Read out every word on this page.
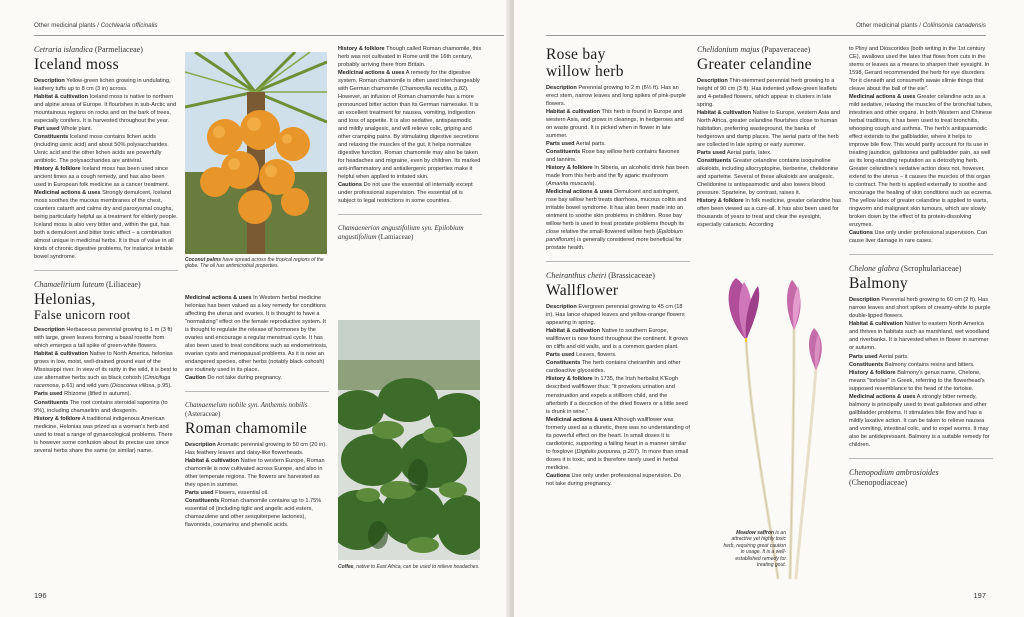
Other medicinal plants / Cochlearia officinalis

Cetraria islandica (Parmeliaceae)

Iceland moss

Description Yellow-green lichen growing in undulating, leathery tufts up to 8 cm (3 in) across.

Habitat & cultivation Iceland moss is native to northern and alpine areas of Europe. It flourishes in sub-Arctic and mountainous regions on rocks and on the bark of trees, especially conifers. It is harvested throughout the year.

Part used Whole plant.

Constituents Iceland moss contains lichen acids (including usnic acid) and about 50% polysaccharides. Usnic acid and the other lichen acids are powerfully antibiotic. The polysaccharides are antiviral.

History & folklore Iceland moss has been used since ancient times as a cough remedy, and has also been used in European folk medicine as a cancer treatment.

Medicinal actions & uses Strongly demulcent, Iceland moss soothes the mucous membranes of the chest, counters catarrh and calms dry and paroxysmal coughs, being particularly helpful as a treatment for elderly people. Iceland moss is also very bitter and, within the gut, has both a demulcent and bitter tonic effect – a combination almost unique in medicinal herbs. It is thus of value in all kinds of chronic digestive problems, for instance irritable bowel syndrome.

Chamaelirium luteum (Liliaceae)

Helonias,
False unicorn root

Description Herbaceous perennial growing to 1 m (3 ft) with large, green leaves forming a basal rosette from which emerges a tall spike of green-white flowers.

Habitat & cultivation Native to North America, helonias grows in low, moist, well-drained ground east of the Mississippi river. In view of its rarity in the wild, it is best to use alternative herbs such as black cohosh (Cimicifuga racemosa, p.61) and wild yam (Dioscorea villosa, p.95).

Parts used Rhizome (lifted in autumn).

Constituents The root contains steroidal saponins (to 9%), including chamaelirin and diosgenin.

History & folklore A traditional indigenous American medicine, Helonias was prized as a woman's herb and used to treat a range of gynaecological problems. There is however some confusion about its precise use since several herbs share the same (or similar) name.

Coconut palms have spread across the tropical regions of the globe. The oil has antimicrobial properties.

Medicinal actions & uses In Western herbal medicine helonias has been valued as a key remedy for conditions affecting the uterus and ovaries. It is thought to have a "normalizing" effect on the female reproductive system. It is thought to regulate the release of hormones by the ovaries and encourage a regular menstrual cycle. It has also been used to treat conditions such as endometriosis, ovarian cysts and menopausal problems. As it is now an endangered species, other herbs (notably black cohosh) are routinely used in its place.

Caution Do not take during pregnancy.

Chamaemelum nobile syn. Anthemis nobilis
(Asteraceae)

Roman chamomile

Description Aromatic perennial growing to 50 cm (20 in). Has feathery leaves and daisy-like flowerheads.

Habitat & cultivation Native to western Europe, Roman chamomile is now cultivated across Europe, and also in other temperate regions. The flowers are harvested as they open in summer.

Parts used Flowers, essential oil.

Constituents Roman chamomile contains up to 1.75% essential oil (including tiglic and angelic acid esters, chamazulene and other sesquiterpene lactones), flavonoids, coumarins and phenolic acids.

History & folklore Though called Roman chamomile, this herb was not cultivated in Rome until the 16th century, probably arriving there from Britain.

Medicinal actions & uses A remedy for the digestive system, Roman chamomile is often used interchangeably with German chamomile (Chamomilla recutita, p.82). However, an infusion of Roman chamomile has a more pronounced bitter action than its German namesake. It is an excellent treatment for nausea, vomiting, indigestion and loss of appetite. It is also sedative, antispasmodic and mildly analgesic, and will relieve colic, griping and other cramping pains. By stimulating digestive secretions and relaxing the muscles of the gut, it helps normalize digestive function. Roman chamomile may also be taken for headaches and migraine, even by children. Its marked anti-inflammatory and antiallergenic properties make it helpful when applied to irritated skin.

Cautions Do not use the essential oil internally except under professional supervision. The essential oil is subject to legal restrictions in some countries.

Chamaenerion angustifolium syn. Epilobium angustifolium (Lamiaceae)

Coffee, native to East Africa, can be used to relieve headaches.
196
Other medicinal plants / Collinsonia canadensis
Rose bay
willow herb

Description Perennial growing to 2 m (6½ ft). Has an erect stem, narrow leaves and long spikes of pink-purple flowers.

Habitat & cultivation This herb is found in Europe and western Asia, and grows in clearings, in hedgerows and on waste ground. It is picked when in flower in late summer.

Parts used Aerial parts.

Constituents Rose bay willow herb contains flavones and tannins.

History & folklore In Siberia, an alcoholic drink has been made from this herb and the fly agaric mushroom (Amanita muscaria).

Medicinal actions & uses Demulcent and astringent, rose bay willow herb treats diarrhoea, mucous colitis and irritable bowel syndrome. It has also been made into an ointment to soothe skin problems in children. Rose bay willow herb is used to treat prostate problems though its close relative the small-flowered willow herb (Epilobium parviflorum) is generally considered more beneficial for prostate health.

Cheiranthus cheiri (Brassicaceae)

Wallflower

Description Evergreen perennial growing to 45 cm (18 in). Has lance-shaped leaves and yellow-orange flowers appearing in spring.

Habitat & cultivation Native to southern Europe, wallflower is now found throughout the continent. It grows on cliffs and old walls, and is a common garden plant.

Parts used Leaves, flowers.

Constituents The herb contains cheiranthin and other cardioactive glycosides.

History & folklore In 1735, the Irish herbalist K'Eogh described wallflower thus: "It provokes urination and menstruation and expels a stillborn child, and the afterbirth if a decoction of the dried flowers or a little seed is drunk in wine."

Medicinal actions & uses Although wallflower was formerly used as a diuretic, there was no understanding of its powerful effect on the heart. In small doses it is cardiotonic, supporting a failing heart in a manner similar to foxglove (Digitalis purpurea, p.207). In more than small doses it is toxic, and is therefore rarely used in herbal medicine.

Cautions Use only under professional supervision. Do not take during pregnancy.

Chelidonium majus (Papaveraceae)

Greater celandine

Description Thin-stemmed perennial herb growing to a height of 90 cm (3 ft). Has indented yellow-green leaflets and 4-petalled flowers, which appear in clusters in late spring.

Habitat & cultivation Native to Europe, western Asia and North Africa, greater celandine flourishes close to human habitation, preferring wasteground, the banks of hedgerows and damp places. The aerial parts of the herb are collected in late spring or early summer.

Parts used Aerial parts, latex.

Constituents Greater celandine contains isoquinoline alkaloids, including allocryptopine, berberine, chelidonine and sparteine. Several of these alkaloids are analgesic. Chelidonine is antispasmodic and also lowers blood pressure. Sparteine, by contrast, raises it.

History & folklore In folk medicine, greater celandine has often been viewed as a cure-all. It has also been used for thousands of years to treat and clear the eyesight, especially cataracts. According

Meadow saffron is an attractive yet highly toxic herb, requiring great caution in usage. It is a well-established remedy for treating gout.

to Pliny and Dioscorides (both writing in the 1st century CE), swallows used the latex that flows from cuts in the stems or leaves as a means to sharpen their eyesight. In 1598, Gerard recommended the herb for eye disorders "for it clenseth and consumeth awaie slimie things that cleave about the ball of the eie".

Medicinal actions & uses Greater celandine acts as a mild sedative, relaxing the muscles of the bronchial tubes, intestines and other organs. In both Western and Chinese herbal traditions, it has been used to treat bronchitis, whooping cough and asthma. The herb's antispasmodic effect extends to the gallbladder, where it helps to improve bile flow. This would partly account for its use in treating jaundice, gallstones and gallbladder pain, as well as its long-standing reputation as a detoxifying herb. Greater celandine's sedative action does not, however, extend to the uterus – it causes the muscles of this organ to contract. The herb is applied externally to soothe and encourage the healing of skin conditions such as eczema. The yellow latex of greater celandine is applied to warts, ringworm and malignant skin tumours, which are slowly broken down by the effect of its protein-dissolving enzymes.

Cautions Use only under professional supervision. Can cause liver damage in rare cases.

Chelone glabra (Scrophulariaceae)

Balmony

Description Perennial herb growing to 60 cm (2 ft). Has narrow leaves and short spikes of creamy-white to purple double-lipped flowers.

Habitat & cultivation Native to eastern North America and thrives in habitats such as marshland, wet woodland and riverbanks. It is harvested when in flower in summer or autumn.

Parts used Aerial parts.

Constituents Balmony contains resins and bitters.

History & folklore Balmony's genus name, Chelone, means "tortoise" in Greek, referring to the flowerhead's supposed resemblance to the head of the tortoise.

Medicinal actions & uses A strongly bitter remedy, balmony is principally used to treat gallstones and other gallbladder problems. It stimulates bile flow and has a mildly laxative action. It can be taken to relieve nausea and vomiting, intestinal colic, and to expel worms. It may also be antidepressant. Balmony is a suitable remedy for children.

Chenopodium ambrosioides (Chenopodiaceae)

197
